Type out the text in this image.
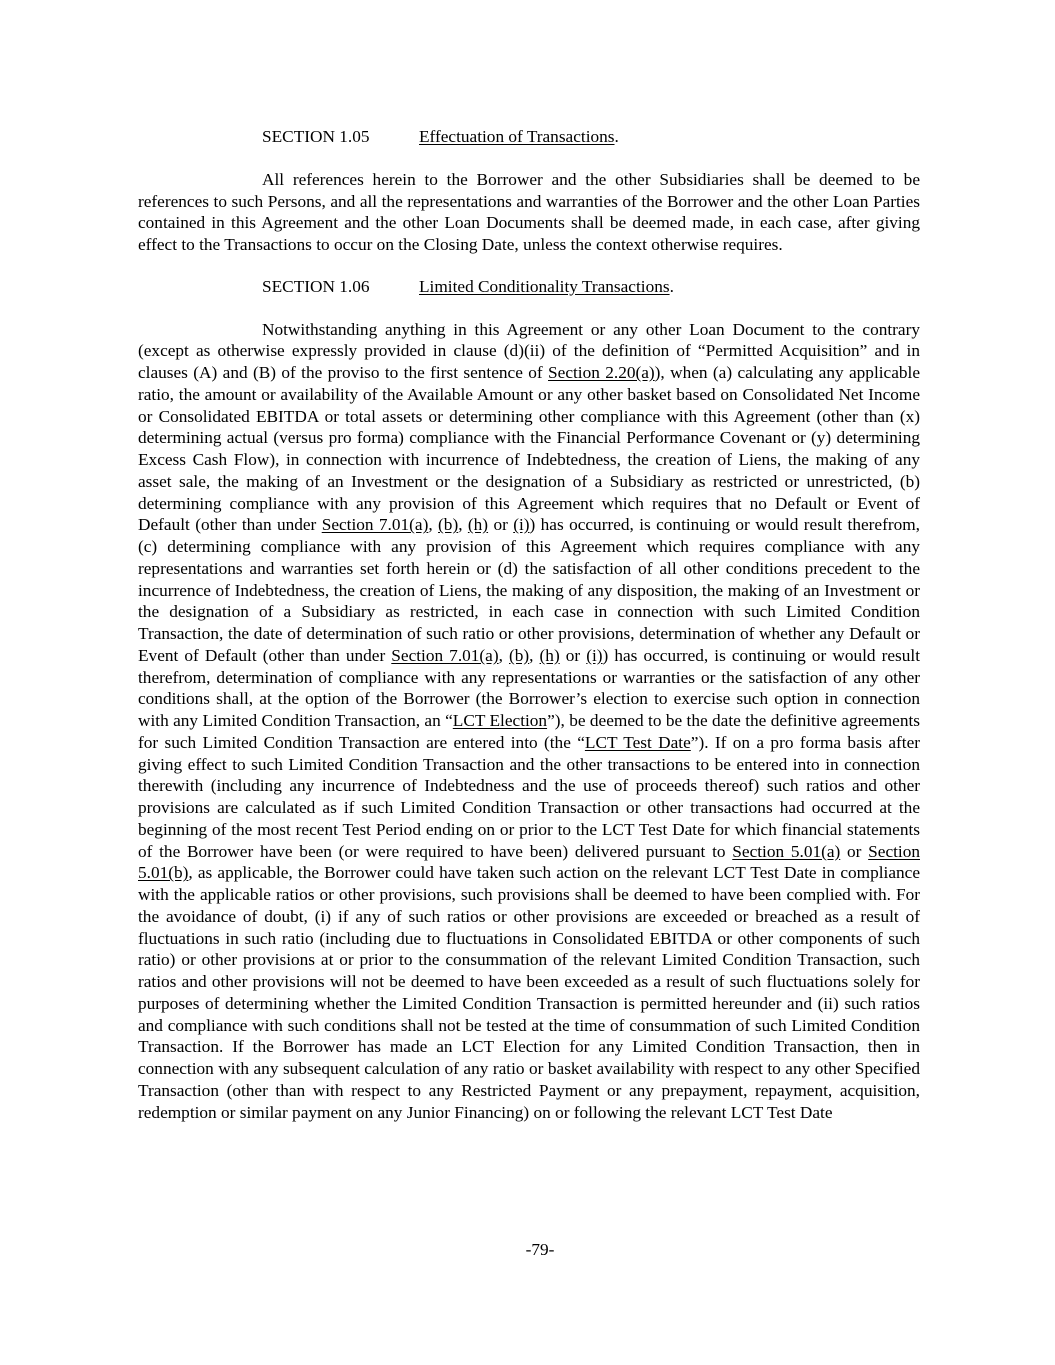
SECTION 1.05	Effectuation of Transactions.

All references herein to the Borrower and the other Subsidiaries shall be deemed to be references to such Persons, and all the representations and warranties of the Borrower and the other Loan Parties contained in this Agreement and the other Loan Documents shall be deemed made, in each case, after giving effect to the Transactions to occur on the Closing Date, unless the context otherwise requires.

SECTION 1.06	Limited Conditionality Transactions.

Notwithstanding anything in this Agreement or any other Loan Document to the contrary (except as otherwise expressly provided in clause (d)(ii) of the definition of “Permitted Acquisition” and in clauses (A) and (B) of the proviso to the first sentence of Section 2.20(a)), when (a) calculating any applicable ratio, the amount or availability of the Available Amount or any other basket based on Consolidated Net Income or Consolidated EBITDA or total assets or determining other compliance with this Agreement (other than (x) determining actual (versus pro forma) compliance with the Financial Performance Covenant or (y) determining Excess Cash Flow), in connection with incurrence of Indebtedness, the creation of Liens, the making of any asset sale, the making of an Investment or the designation of a Subsidiary as restricted or unrestricted, (b) determining compliance with any provision of this Agreement which requires that no Default or Event of Default (other than under Section 7.01(a), (b), (h) or (i)) has occurred, is continuing or would result therefrom, (c) determining compliance with any provision of this Agreement which requires compliance with any representations and warranties set forth herein or (d) the satisfaction of all other conditions precedent to the incurrence of Indebtedness, the creation of Liens, the making of any disposition, the making of an Investment or the designation of a Subsidiary as restricted, in each case in connection with such Limited Condition Transaction, the date of determination of such ratio or other provisions, determination of whether any Default or Event of Default (other than under Section 7.01(a), (b), (h) or (i)) has occurred, is continuing or would result therefrom, determination of compliance with any representations or warranties or the satisfaction of any other conditions shall, at the option of the Borrower (the Borrower’s election to exercise such option in connection with any Limited Condition Transaction, an “LCT Election”), be deemed to be the date the definitive agreements for such Limited Condition Transaction are entered into (the “LCT Test Date”). If on a pro forma basis after giving effect to such Limited Condition Transaction and the other transactions to be entered into in connection therewith (including any incurrence of Indebtedness and the use of proceeds thereof) such ratios and other provisions are calculated as if such Limited Condition Transaction or other transactions had occurred at the beginning of the most recent Test Period ending on or prior to the LCT Test Date for which financial statements of the Borrower have been (or were required to have been) delivered pursuant to Section 5.01(a) or Section 5.01(b), as applicable, the Borrower could have taken such action on the relevant LCT Test Date in compliance with the applicable ratios or other provisions, such provisions shall be deemed to have been complied with. For the avoidance of doubt, (i) if any of such ratios or other provisions are exceeded or breached as a result of fluctuations in such ratio (including due to fluctuations in Consolidated EBITDA or other components of such ratio) or other provisions at or prior to the consummation of the relevant Limited Condition Transaction, such ratios and other provisions will not be deemed to have been exceeded as a result of such fluctuations solely for purposes of determining whether the Limited Condition Transaction is permitted hereunder and (ii) such ratios and compliance with such conditions shall not be tested at the time of consummation of such Limited Condition Transaction. If the Borrower has made an LCT Election for any Limited Condition Transaction, then in connection with any subsequent calculation of any ratio or basket availability with respect to any other Specified Transaction (other than with respect to any Restricted Payment or any prepayment, repayment, acquisition, redemption or similar payment on any Junior Financing) on or following the relevant LCT Test Date

-79-
